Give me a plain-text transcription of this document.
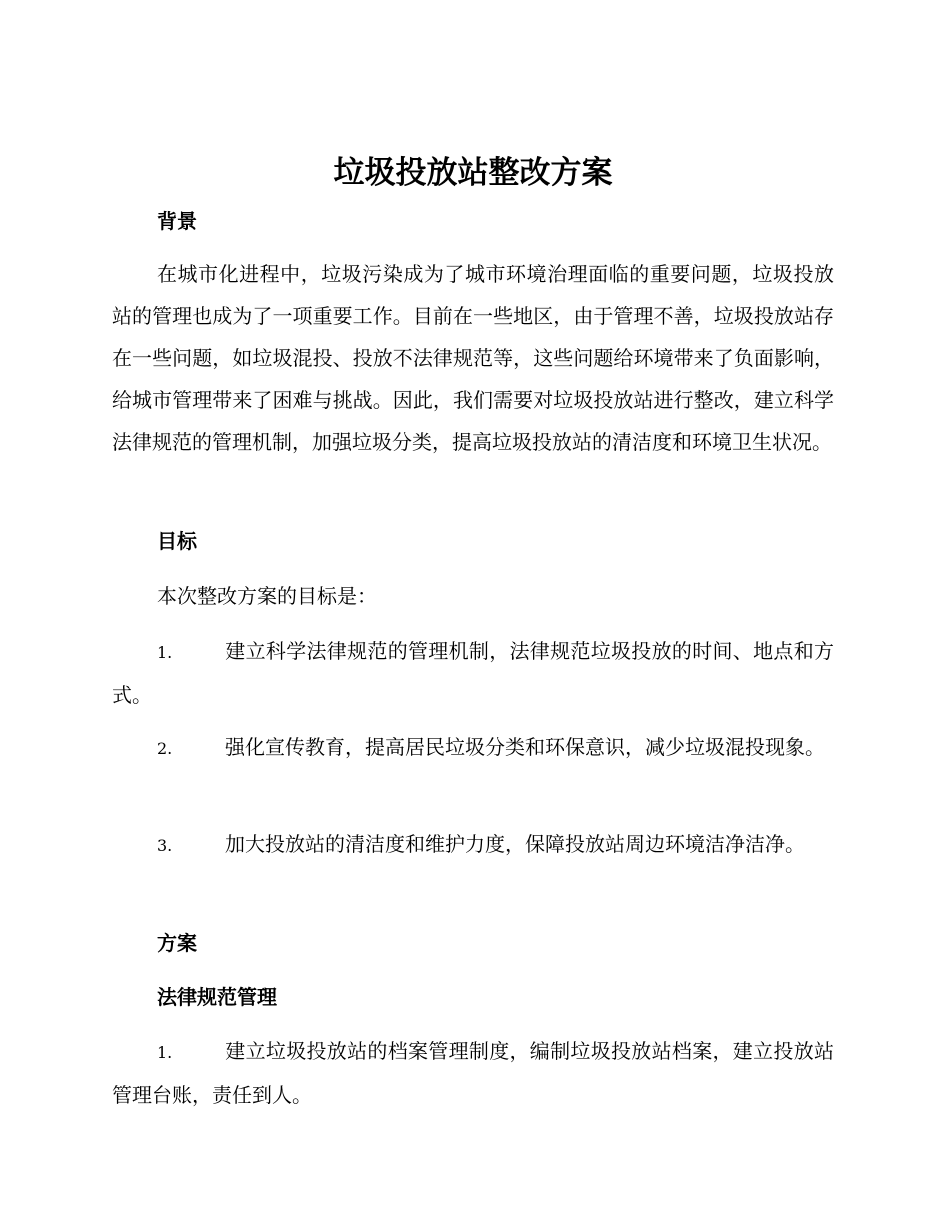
垃圾投放站整改方案
背景

在城市化进程中，垃圾污染成为了城市环境治理面临的重要问题，垃圾投放站的管理也成为了一项重要工作。目前在一些地区，由于管理不善，垃圾投放站存在一些问题，如垃圾混投、投放不法律规范等，这些问题给环境带来了负面影响，给城市管理带来了困难与挑战。因此，我们需要对垃圾投放站进行整改，建立科学法律规范的管理机制，加强垃圾分类，提高垃圾投放站的清洁度和环境卫生状况。

目标

本次整改方案的目标是：

1.	建立科学法律规范的管理机制，法律规范垃圾投放的时间、地点和方式。

2.	强化宣传教育，提高居民垃圾分类和环保意识，减少垃圾混投现象。

3.	加大投放站的清洁度和维护力度，保障投放站周边环境洁净洁净。

方案
法律规范管理

1.	建立垃圾投放站的档案管理制度，编制垃圾投放站档案，建立投放站管理台账，责任到人。
